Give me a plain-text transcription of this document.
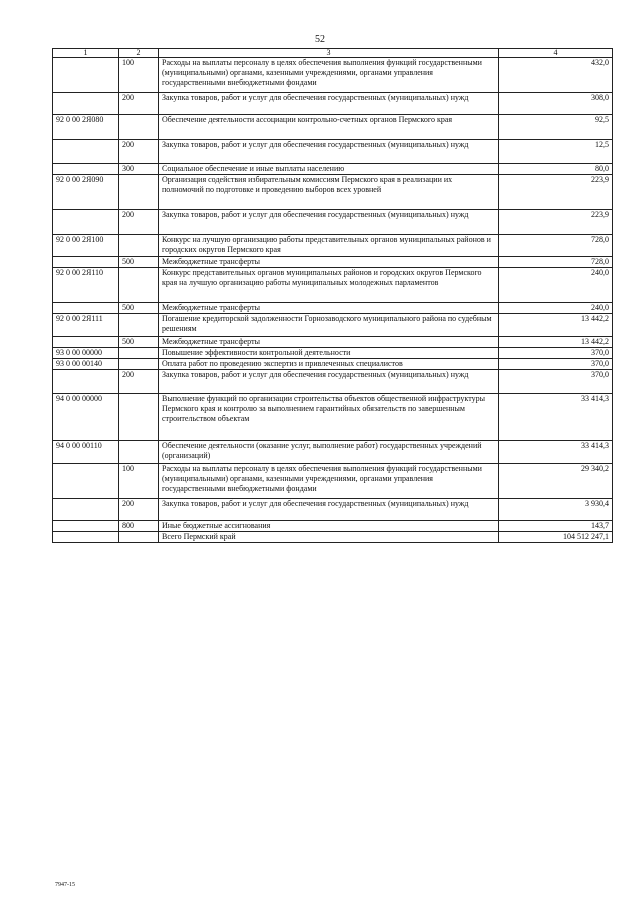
52
1	2	3	4
	100	Расходы на выплаты персоналу в целях обеспечения выполнения функций государственными (муниципальными) органами, казенными учреждениями, органами управления государственными внебюджетными фондами	432,0
	200	Закупка товаров, работ и услуг для обеспечения государственных (муниципальных) нужд	308,0
92 0 00 2Я080		Обеспечение деятельности ассоциации контрольно-счетных органов Пермского края	92,5
	200	Закупка товаров, работ и услуг для обеспечения государственных (муниципальных) нужд	12,5
	300	Социальное обеспечение и иные выплаты населению	80,0
92 0 00 2Я090		Организация содействия избирательным комиссиям Пермского края в реализации их полномочий по подготовке и проведению выборов всех уровней	223,9
	200	Закупка товаров, работ и услуг для обеспечения государственных (муниципальных) нужд	223,9
92 0 00 2Я100		Конкурс на лучшую организацию работы представительных органов муниципальных районов и городских округов Пермского края	728,0
	500	Межбюджетные трансферты	728,0
92 0 00 2Я110		Конкурс представительных органов муниципальных районов и городских округов Пермского края на лучшую организацию работы муниципальных молодежных парламентов	240,0
	500	Межбюджетные трансферты	240,0
92 0 00 2Я111		Погашение кредиторской задолженности Горнозаводского муниципального района по судебным решениям	13 442,2
	500	Межбюджетные трансферты	13 442,2
93 0 00 00000		Повышение эффективности контрольной деятельности	370,0
93 0 00 00140		Оплата работ по проведению экспертиз и привлеченных специалистов	370,0
	200	Закупка товаров, работ и услуг для обеспечения государственных (муниципальных) нужд	370,0
94 0 00 00000		Выполнение функций по организации строительства объектов общественной инфраструктуры Пермского края и контролю за выполнением гарантийных обязательств по завершенным строительством объектам	33 414,3
94 0 00 00110		Обеспечение деятельности (оказание услуг, выполнение работ) государственных учреждений (организаций)	33 414,3
	100	Расходы на выплаты персоналу в целях обеспечения выполнения функций государственными (муниципальными) органами, казенными учреждениями, органами управления государственными внебюджетными фондами	29 340,2
	200	Закупка товаров, работ и услуг для обеспечения государственных (муниципальных) нужд	3 930,4
	800	Иные бюджетные ассигнования	143,7
		Всего Пермский край	104 512 247,1
7947-15
